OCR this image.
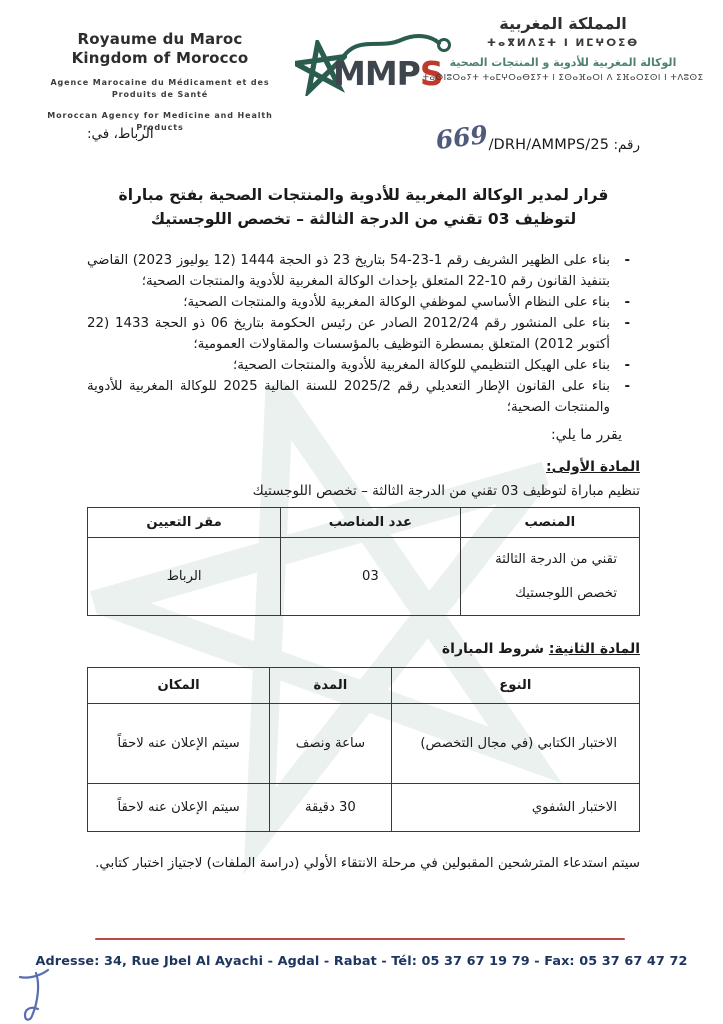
Royaume du Maroc
Kingdom of Morocco
Agence Marocaine du Médicament et des Produits de Santé
Moroccan Agency for Medicine and Health Products
MMPS
المملكة المغربية
ⵜⴰⴳⵍⴷⵉⵜ ⵏ ⵍⵎⵖⵔⵉⴱ
الوكالة المغربية للأدوية و المنتجات الصحية
ⵜⴰⵙⵏⵓⵔⴰⵢⵜ ⵜⴰⵎⵖⵔⴰⴱⵉⵢⵜ ⵏ ⵉⵙⴰⴼⴰⵔⵏ ⴷ ⵉⴼⴰⵔⵉⵙⵏ ⵏ ⵜⴷⵓⵙⵉ
رقم: 669/DRH/AMMPS/25
الرباط، في:
قرار لمدير الوكالة المغربية للأدوية والمنتجات الصحية بفتح مباراة لتوظيف 03 تقني من الدرجة الثالثة – تخصص اللوجستيك
-
بناء على الظهير الشريف رقم 1-23-54 بتاريخ 23 ذو الحجة 1444 (12 يوليوز 2023) القاضي بتنفيذ القانون رقم 10-22 المتعلق بإحداث الوكالة المغربية للأدوية والمنتجات الصحية؛
-
بناء على النظام الأساسي لموظفي الوكالة المغربية للأدوية والمنتجات الصحية؛
-
بناء على المنشور رقم 2012/24 الصادر عن رئيس الحكومة بتاريخ 06 ذو الحجة 1433 (22 أكتوبر 2012) المتعلق بمسطرة التوظيف بالمؤسسات والمقاولات العمومية؛
-
بناء على الهيكل التنظيمي للوكالة المغربية للأدوية والمنتجات الصحية؛
-
بناء على القانون الإطار التعديلي رقم 2025/2 للسنة المالية 2025 للوكالة المغربية للأدوية والمنتجات الصحية؛
يقرر ما يلي:
المادة الأولى:
تنظيم مباراة لتوظيف 03 تقني من الدرجة الثالثة – تخصص اللوجستيك
المنصب	عدد المناصب	مقر التعيين

تقني من الدرجة الثالثة
تخصص اللوجستيك	03	الرباط
المادة الثانية: شروط المباراة
النوع	المدة	المكان
الاختبار الكتابي (في مجال التخصص)	ساعة ونصف	سيتم الإعلان عنه لاحقاً
الاختبار الشفوي	30 دقيقة	سيتم الإعلان عنه لاحقاً
سيتم استدعاء المترشحين المقبولين في مرحلة الانتقاء الأولي (دراسة الملفات) لاجتياز اختبار كتابي.
Adresse: 34, Rue Jbel Al Ayachi - Agdal - Rabat - Tél: 05 37 67 19 79 - Fax: 05 37 67 47 72
